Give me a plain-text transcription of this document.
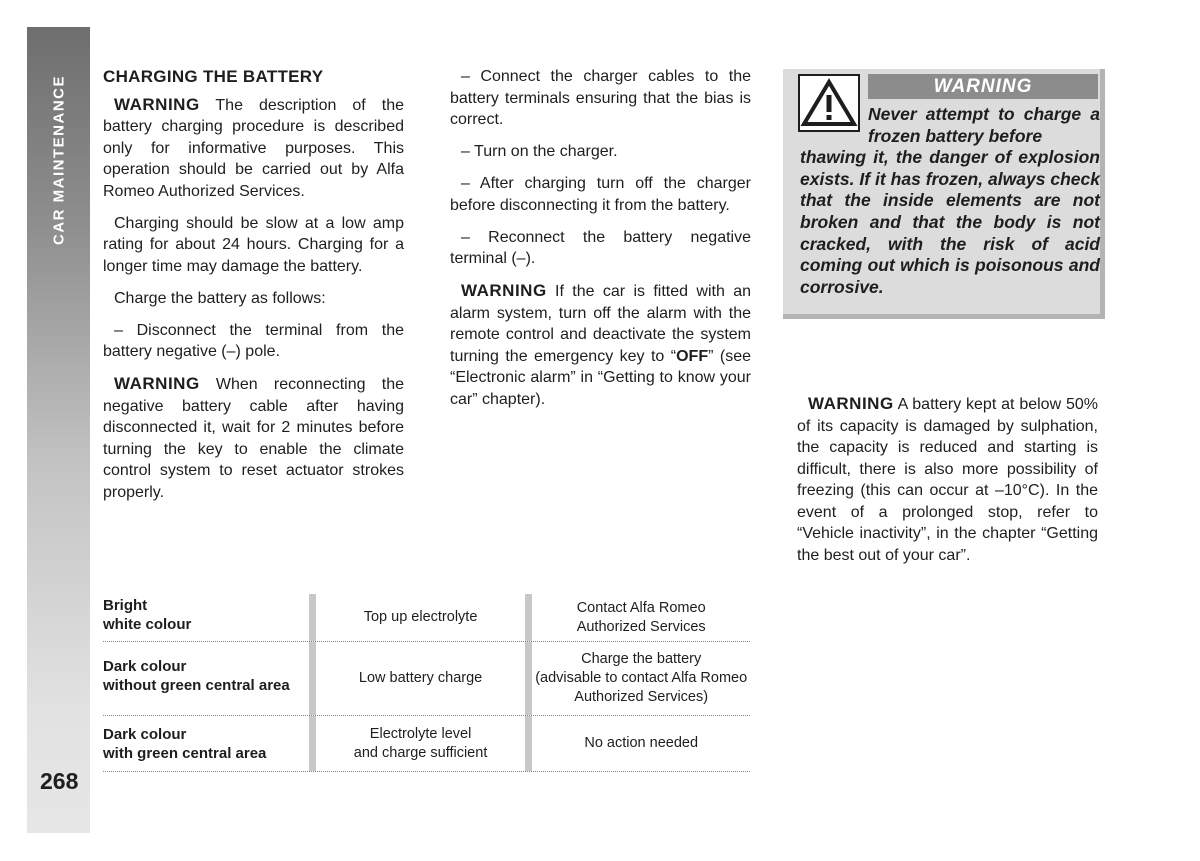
CAR MAINTENANCE
268
CHARGING THE BATTERY

WARNING The description of the battery charging procedure is described only for informative purposes. This operation should be carried out by Alfa Romeo Authorized Services.

Charging should be slow at a low amp rating for about 24 hours. Charging for a longer time may damage the battery.

Charge the battery as follows:

– Disconnect the terminal from the battery negative (–) pole.

WARNING When reconnecting the negative battery cable after having disconnected it, wait for 2 minutes before turning the key to enable the climate control system to reset actuator strokes properly.

– Connect the charger cables to the battery terminals ensuring that the bias is correct.

– Turn on the charger.

– After charging turn off the charger before disconnecting it from the battery.

– Reconnect the battery negative terminal (–).

WARNING If the car is fitted with an alarm system, turn off the alarm with the remote control and deactivate the system turning the emergency key to “OFF” (see “Electronic alarm” in “Getting to know your car” chapter).

WARNING
Never attempt to charge a frozen battery before
thawing it, the danger of explosion exists. If it has frozen, always check that the inside elements are not broken and that the body is not cracked, with the risk of acid coming out which is poisonous and corrosive.

WARNING A battery kept at below 50% of its capacity is damaged by sulphation, the capacity is reduced and starting is difficult, there is also more possibility of freezing (this can occur at –10°C). In the event of a prolonged stop, refer to “Vehicle inactivity”, in the chapter “Getting the best out of your car”.

Bright
white colour	Top up electrolyte
Contact Alfa Romeo
Authorized Services
Dark colour
without green central area	Low battery charge
Charge the battery
(advisable to contact Alfa Romeo
Authorized Services)
Dark colour
with green central area
Electrolyte level
and charge sufficient
No action needed
